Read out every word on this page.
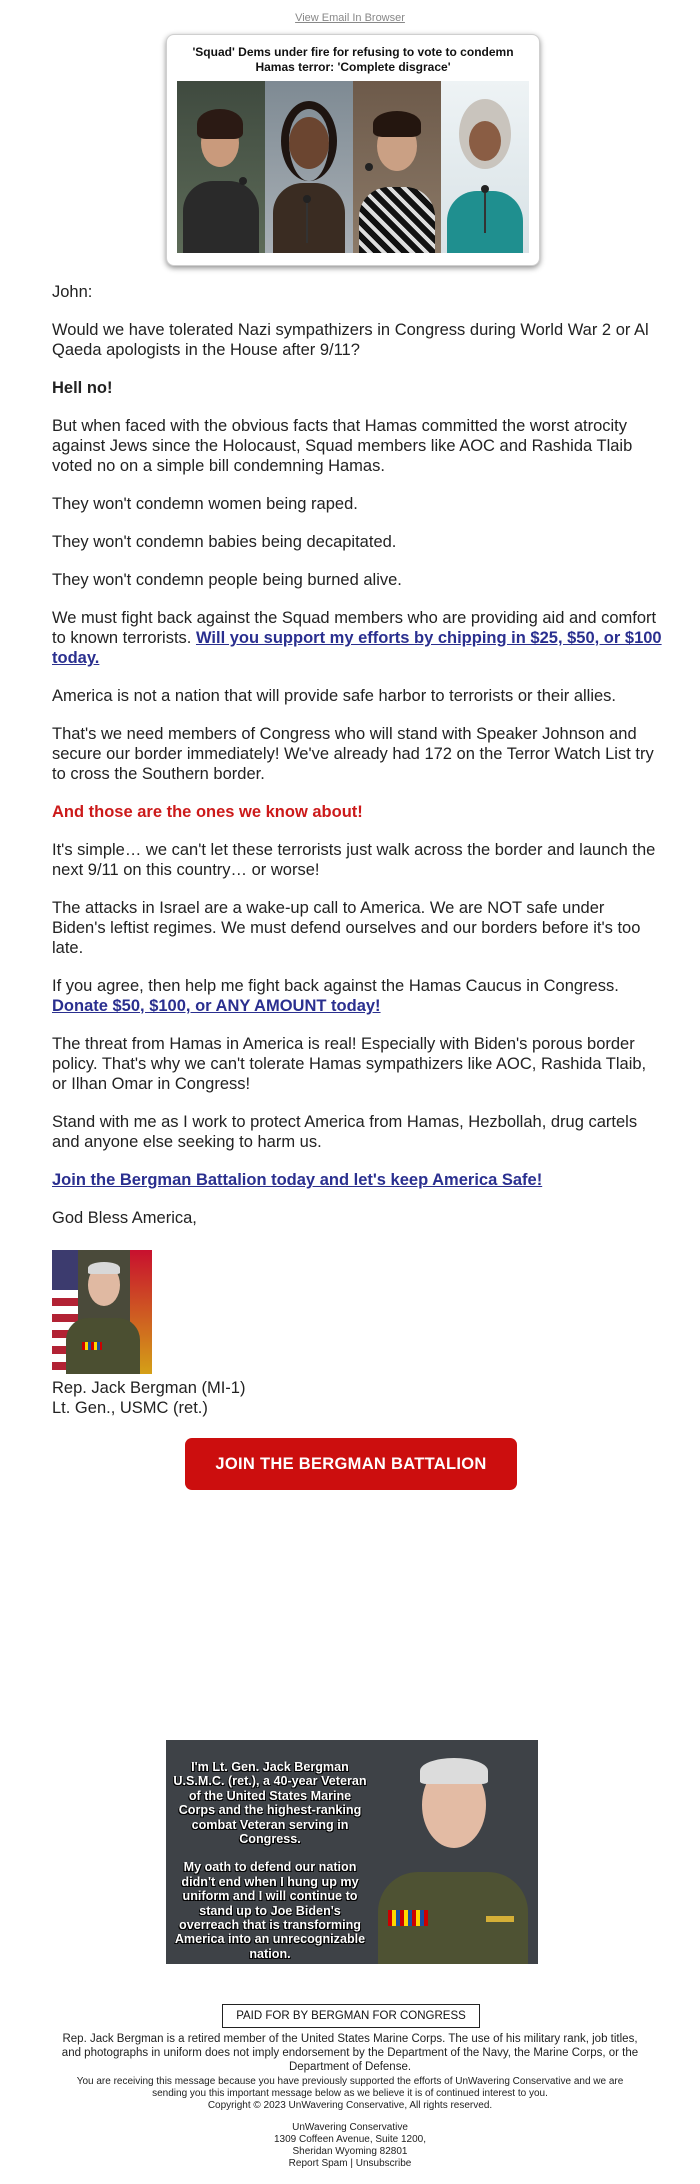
View Email In Browser
'Squad' Dems under fire for refusing to vote to condemn
Hamas terror: 'Complete disgrace'

John:

Would we have tolerated Nazi sympathizers in Congress during World War 2 or Al Qaeda apologists in the House after 9/11?

Hell no!

But when faced with the obvious facts that Hamas committed the worst atrocity against Jews since the Holocaust, Squad members like AOC and Rashida Tlaib voted no on a simple bill condemning Hamas.

They won't condemn women being raped.

They won't condemn babies being decapitated.

They won't condemn people being burned alive.

We must fight back against the Squad members who are providing aid and comfort to known terrorists. Will you support my efforts by chipping in $25, $50, or $100 today.

America is not a nation that will provide safe harbor to terrorists or their allies.

That's we need members of Congress who will stand with Speaker Johnson and secure our border immediately! We've already had 172 on the Terror Watch List try to cross the Southern border.

And those are the ones we know about!

It's simple… we can't let these terrorists just walk across the border and launch the next 9/11 on this country… or worse!

The attacks in Israel are a wake-up call to America. We are NOT safe under Biden's leftist regimes. We must defend ourselves and our borders before it's too late.

If you agree, then help me fight back against the Hamas Caucus in Congress. Donate $50, $100, or ANY AMOUNT today!

The threat from Hamas in America is real! Especially with Biden's porous border policy. That's why we can't tolerate Hamas sympathizers like AOC, Rashida Tlaib, or Ilhan Omar in Congress!

Stand with me as I work to protect America from Hamas, Hezbollah, drug cartels and anyone else seeking to harm us.

Join the Bergman Battalion today and let's keep America Safe!

God Bless America,

Rep. Jack Bergman (MI-1)
Lt. Gen., USMC (ret.)
JOIN THE BERGMAN BATTALION

I'm Lt. Gen. Jack Bergman U.S.M.C. (ret.), a 40-year Veteran of the United States Marine Corps and the highest-ranking combat Veteran serving in Congress.

My oath to defend our nation didn't end when I hung up my uniform and I will continue to stand up to Joe Biden's overreach that is transforming America into an unrecognizable nation.

PAID FOR BY BERGMAN FOR CONGRESS
Rep. Jack Bergman is a retired member of the United States Marine Corps. The use of his military rank, job titles, and photographs in uniform does not imply endorsement by the Department of the Navy, the Marine Corps, or the Department of Defense.
You are receiving this message because you have previously supported the efforts of UnWavering Conservative and we are sending you this important message below as we believe it is of continued interest to you.
Copyright © 2023 UnWavering Conservative, All rights reserved.
UnWavering Conservative
1309 Coffeen Avenue, Suite 1200,
Sheridan Wyoming 82801
Report Spam | Unsubscribe
